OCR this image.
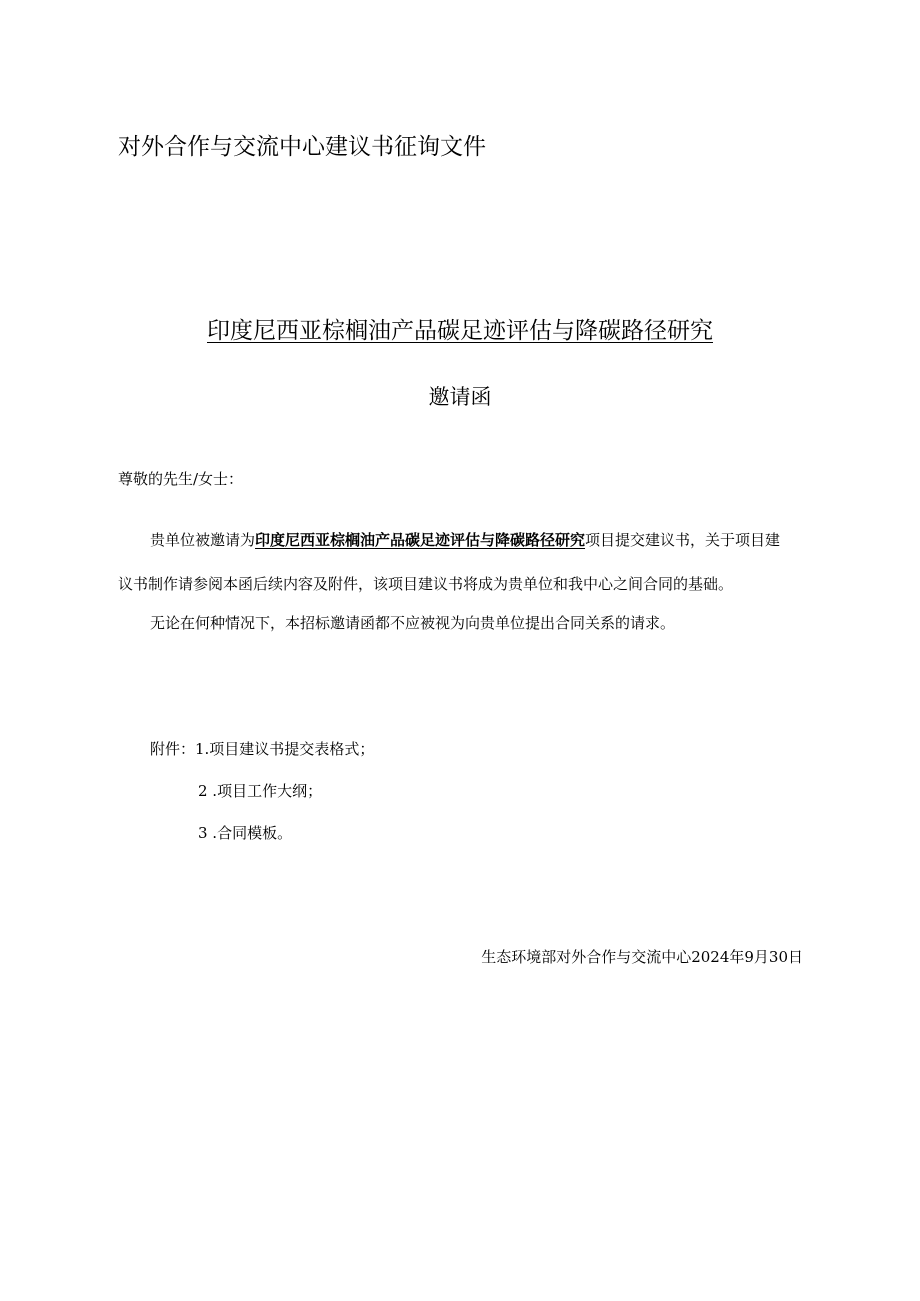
对外合作与交流中心建议书征询文件
印度尼西亚棕榈油产品碳足迹评估与降碳路径研究
邀请函
尊敬的先生/女士：
贵单位被邀请为印度尼西亚棕榈油产品碳足迹评估与降碳路径研究项目提交建议书，关于项目建
议书制作请参阅本函后续内容及附件，该项目建议书将成为贵单位和我中心之间合同的基础。
无论在何种情况下，本招标邀请函都不应被视为向贵单位提出合同关系的请求。
附件：1.项目建议书提交表格式；
2 .项目工作大纲；
3 .合同模板。
生态环境部对外合作与交流中心2024年9月30日
